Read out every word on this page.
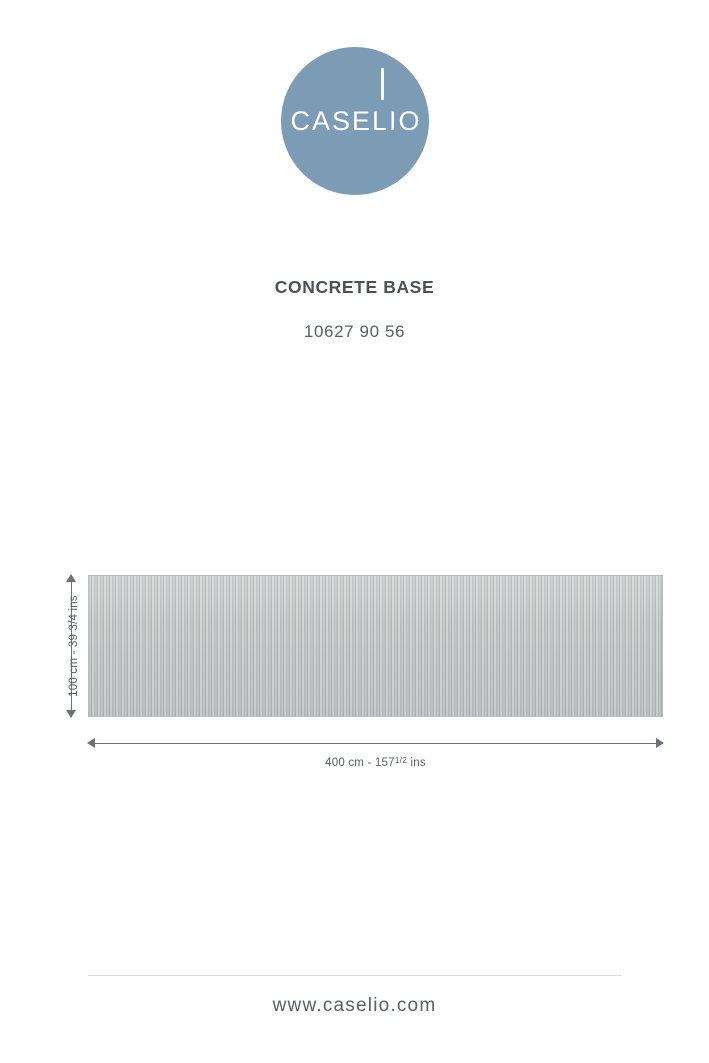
CASELIO
CONCRETE BASE

10627 90 56

100 cm - 39 3/4 ins
400 cm - $157^{1/2}$ ins
www.caselio.com
